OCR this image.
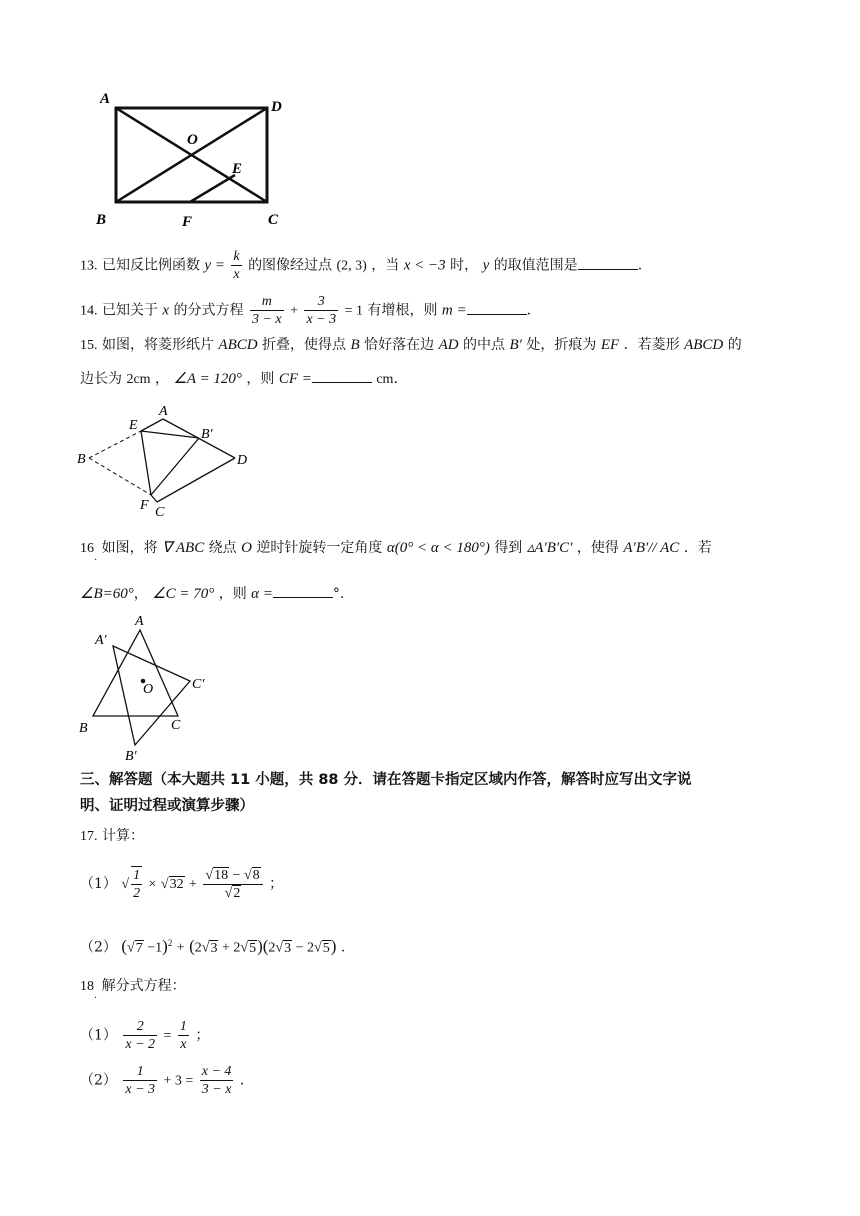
A	D
O
E
B	F	C
13. 已知反比例函数 $y = \frac{k}{x}$ 的图像经过点 (2, 3) ，当 x < −3 时， y 的取值范围是	.
14. 已知关于 x 的分式方程 $\frac{m}{3 - x} + \frac{3}{x - 3} = 1$ 有增根，则 m =	.
15. 如图，将菱形纸片 ABCD 折叠，使得点 B 恰好落在边 AD 的中点 B′ 处，折痕为 EF ．若菱形 ABCD 的
边长为 2cm ， ∠A = 120° ，则 CF =	cm.
A
E
B′
B	D
F C
$16_.$ 如图，将 ∇ ABC 绕点 O 逆时针旋转一定角度 α(0° < α < 180°) 得到 ▵A′B′C′ ，使得 A′B′// AC ．若
∠B=60°， ∠C = 70° ，则 α =	°.
A
A′
O	C′
B	C
B′
三、解答题（本大题共 11 小题，共 88 分．请在答题卡指定区域内作答，解答时应写出文字说
明、证明过程或演算步骤）
17. 计算：
（1） √ $\frac{1}{2} \times √32 + \frac{√18 - √8}{√2}$ ；
（2） $(√7 -1)^2 + (2√3 + 2√5)(2√3 - 2√5)$ .
$18_.$ 解分式方程：
$(1) \frac{2}{x - 2} = \frac{1}{x}$ ；
$(2) \frac{1}{x - 3} + 3 = \frac{x - 4}{3 - x}$ .
